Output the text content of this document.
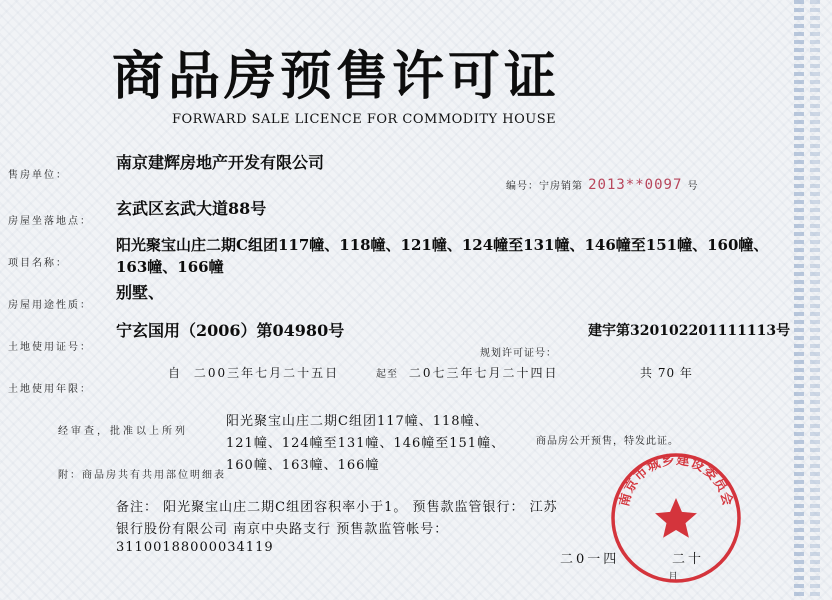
商品房预售许可证
FORWARD SALE LICENCE FOR COMMODITY HOUSE
售房单位：
南京建辉房地产开发有限公司
编号：宁房销第 2013**0097 号
房屋坐落地点：
玄武区玄武大道88号
项目名称：
阳光聚宝山庄二期C组团117幢、118幢、121幢、124幢至131幢、146幢至151幢、160幢、
163幢、166幢
房屋用途性质：
别墅、
土地使用证号：
宁玄国用（2006）第04980号	建宇第320102201111113号
规划许可证号：
土地使用年限：
自 二00三年七月二十五日	起至 二0七三年七月二十四日	共 70 年
经审查，批准以上所列
阳光聚宝山庄二期C组团117幢、118幢、
121幢、124幢至131幢、146幢至151幢、
160幢、163幢、166幢
商品房公开预售，特发此证。
附：商品房共有共用部位明细表
备注： 阳光聚宝山庄二期C组团容积率小于1。 预售款监管银行： 江苏
银行股份有限公司 南京中央路支行 预售款监管帐号：
31100188000034119
二0一四	二十
月
南京市城乡建设委员会
